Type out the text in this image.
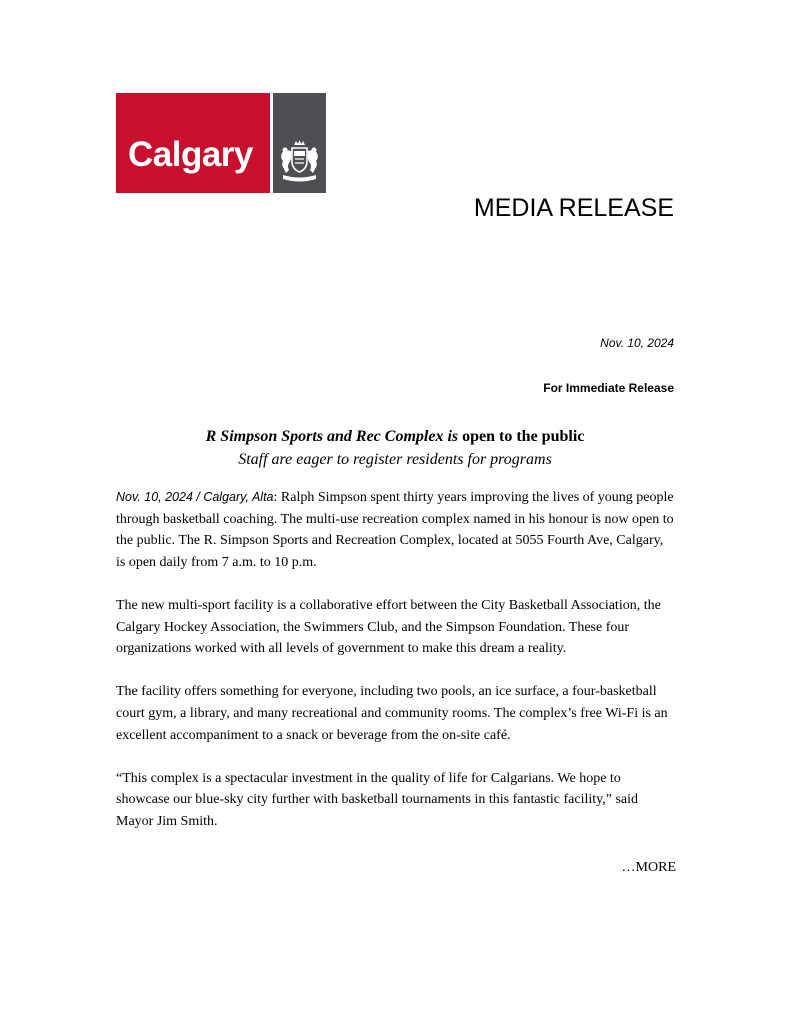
Calgary
MEDIA RELEASE
Nov. 10, 2024
For Immediate Release
R Simpson Sports and Rec Complex is open to the public
Staff are eager to register residents for programs

Nov. 10, 2024 / Calgary, Alta: Ralph Simpson spent thirty years improving the lives of young people through basketball coaching. The multi-use recreation complex named in his honour is now open to the public. The R. Simpson Sports and Recreation Complex, located at 5055 Fourth Ave, Calgary, is open daily from 7 a.m. to 10 p.m.

The new multi-sport facility is a collaborative effort between the City Basketball Association, the Calgary Hockey Association, the Swimmers Club, and the Simpson Foundation. These four organizations worked with all levels of government to make this dream a reality.

The facility offers something for everyone, including two pools, an ice surface, a four-basketball court gym, a library, and many recreational and community rooms. The complex’s free Wi-Fi is an excellent accompaniment to a snack or beverage from the on-site café.

“This complex is a spectacular investment in the quality of life for Calgarians. We hope to showcase our blue-sky city further with basketball tournaments in this fantastic facility,” said Mayor Jim Smith.

…MORE
